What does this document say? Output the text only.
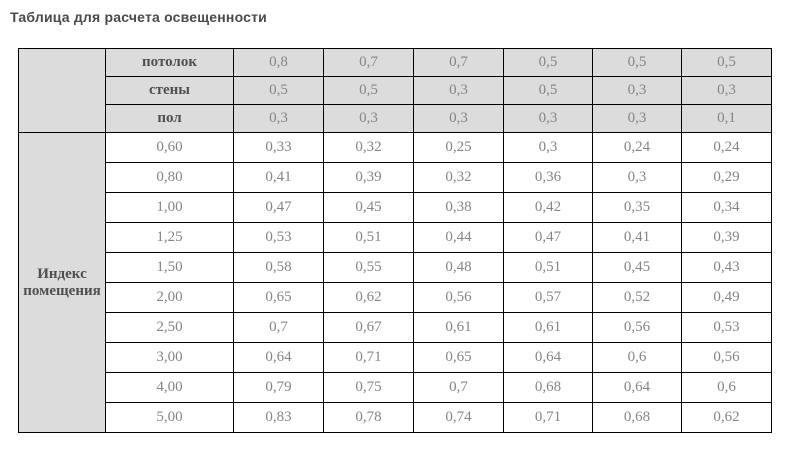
Таблица для расчета освещенности
	потолок	0,8	0,7	0,7	0,5	0,5	0,5
	стены	0,5	0,5	0,3	0,5	0,3	0,3
	пол	0,3	0,3	0,3	0,3	0,3	0,1
Индекс помещения	0,60	0,33	0,32	0,25	0,3	0,24	0,24
	0,80	0,41	0,39	0,32	0,36	0,3	0,29
	1,00	0,47	0,45	0,38	0,42	0,35	0,34
	1,25	0,53	0,51	0,44	0,47	0,41	0,39
	1,50	0,58	0,55	0,48	0,51	0,45	0,43
	2,00	0,65	0,62	0,56	0,57	0,52	0,49
	2,50	0,7	0,67	0,61	0,61	0,56	0,53
	3,00	0,64	0,71	0,65	0,64	0,6	0,56
	4,00	0,79	0,75	0,7	0,68	0,64	0,6
	5,00	0,83	0,78	0,74	0,71	0,68	0,62
